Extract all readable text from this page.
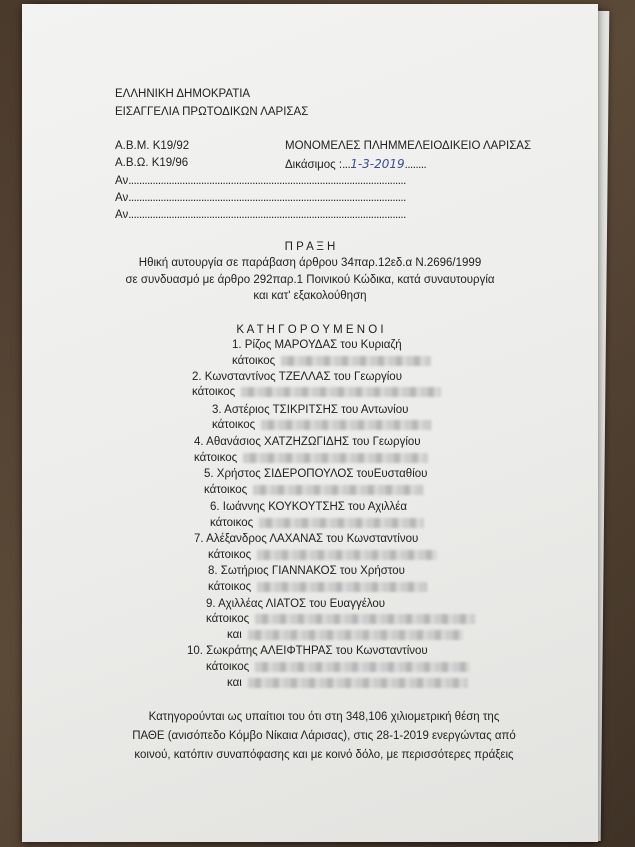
ΕΛΛΗΝΙΚΗ ΔΗΜΟΚΡΑΤΙΑ
ΕΙΣΑΓΓΕΛΙΑ ΠΡΩΤΟΔΙΚΩΝ ΛΑΡΙΣΑΣ
Α.Β.Μ. Κ19/92
Α.Β.Ω. Κ19/96
ΜΟΝΟΜΕΛΕΣ ΠΛΗΜΜΕΛΕΙΟΔΙΚΕΙΟ ΛΑΡΙΣΑΣ
Δικάσιμος :...1-3-2019........
Αν.......................................................................................................
Αν.......................................................................................................
Αν.......................................................................................................
Π Ρ Α Ξ Η
Ηθική αυτουργία σε παράβαση άρθρου 34παρ.12εδ.α Ν.2696/1999
σε συνδυασμό με άρθρο 292παρ.1 Ποινικού Κώδικα, κατά συναυτουργία
και κατ' εξακολούθηση
Κ Α Τ Η Γ Ο Ρ Ο Υ Μ Ε Ν Ο Ι
1. Ρίζος ΜΑΡΟΥΔΑΣ του Κυριαζή
κάτοικος
2. Κωνσταντίνος ΤΖΕΛΛΑΣ του Γεωργίου
κάτοικος
3. Αστέριος ΤΣΙΚΡΙΤΣΗΣ του Αντωνίου
κάτοικος
4. Αθανάσιος ΧΑΤΖΗΖΩΓΙΔΗΣ του Γεωργίου
κάτοικος
5. Χρήστος ΣΙΔΕΡΟΠΟΥΛΟΣ τουΕυσταθίου
κάτοικος
6. Ιωάννης ΚΟΥΚΟΥΤΣΗΣ του Αχιλλέα
κάτοικος
7. Αλέξανδρος ΛΑΧΑΝΑΣ του Κωνσταντίνου
κάτοικος
8. Σωτήριος ΓΙΑΝΝΑΚΟΣ του Χρήστου
κάτοικος
9. Αχιλλέας ΛΙΑΤΟΣ του Ευαγγέλου
κάτοικος
και
10. Σωκράτης ΑΛΕΙΦΤΗΡΑΣ του Κωνσταντίνου
κάτοικος
και
Κατηγορούνται ως υπαίτιοι του ότι στη 348,106 χιλιομετρική θέση της
ΠΑΘΕ (ανισόπεδο Κόμβο Νίκαια Λάρισας), στις 28-1-2019 ενεργώντας από
κοινού, κατόπιν συναπόφασης και με κοινό δόλο, με περισσότερες πράξεις
